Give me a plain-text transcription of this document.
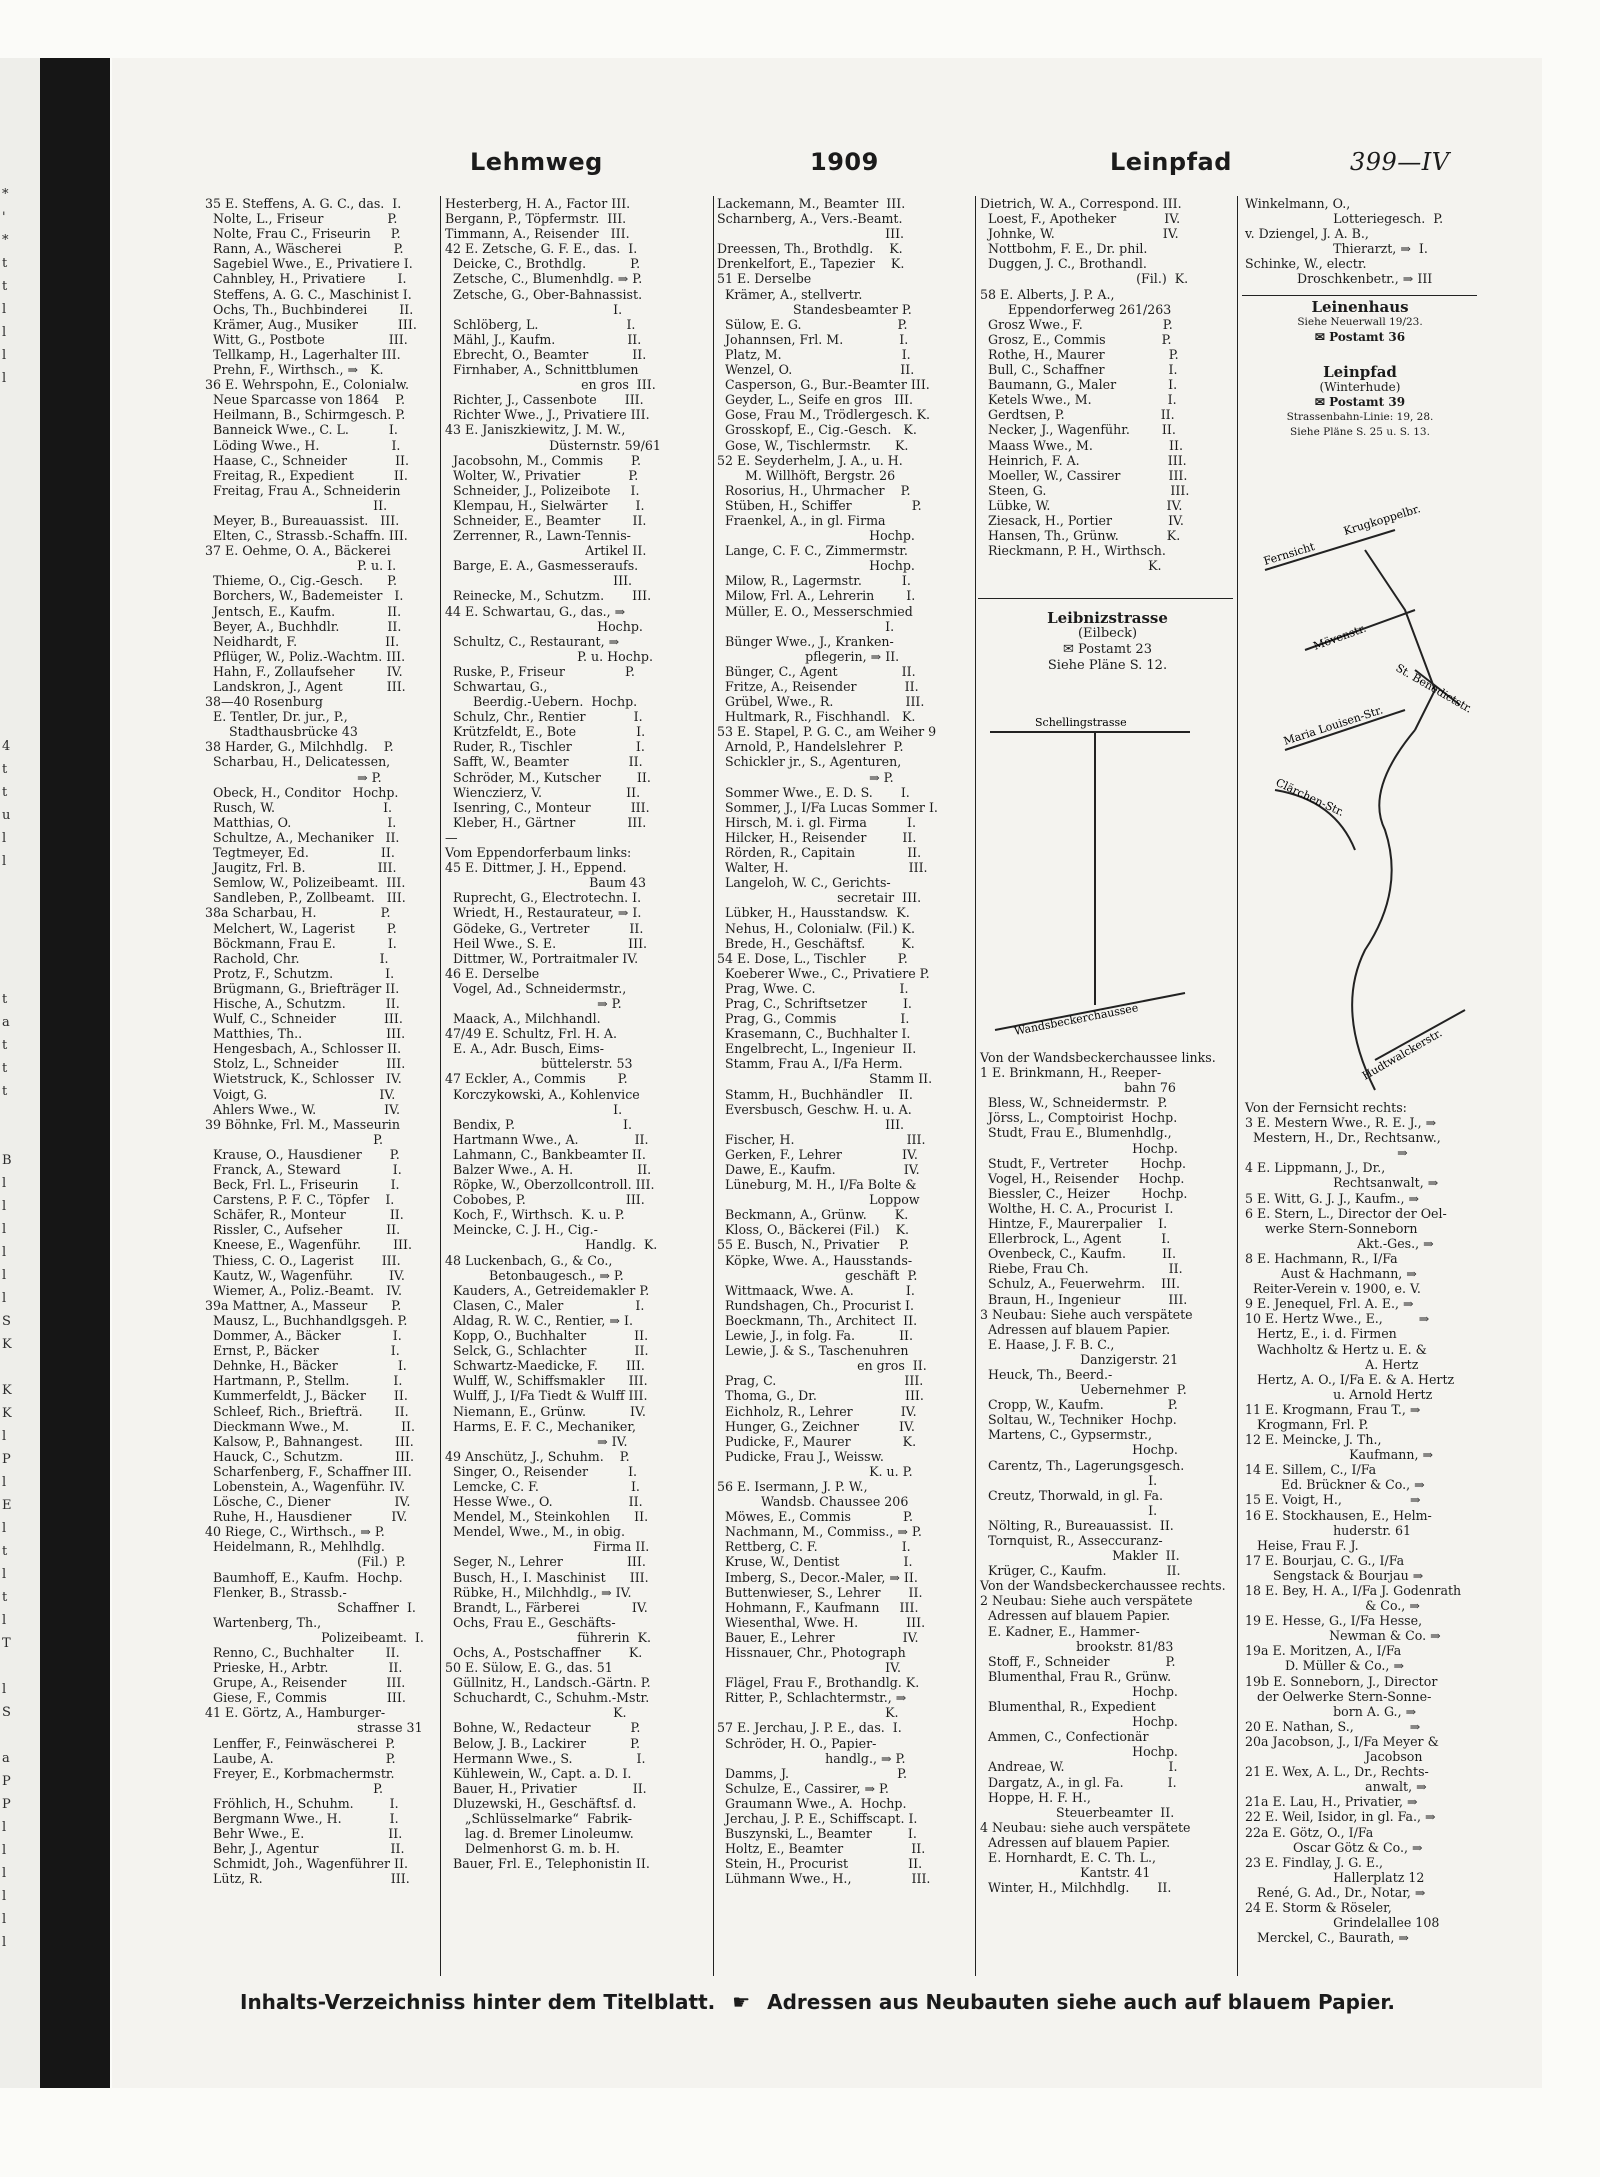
*
'
*
t
t
l
l
l
l
4
t
t
u
l
l
t
a
t
t
t
B
l
l
l
l
l
l
S
K
K
K
l
P
l
E
l
t
l
t
l
T
l
S
a
P
P
l
l
l
l
l
l
Lehmweg	1909	Leinpfad	399—IV
35 E. Steffens, A. G. C., das.  I.
Nolte, L., Friseur                P.
Nolte, Frau C., Friseurin     P.
Rann, A., Wäscherei             P.
Sagebiel Wwe., E., Privatiere I.
Cahnbley, H., Privatiere        I.
Steffens, A. G. C., Maschinist I.
Ochs, Th., Buchbinderei        II.
Krämer, Aug., Musiker          III.
Witt, G., Postbote                III.
Tellkamp, H., Lagerhalter III.
Prehn, F., Wirthsch., ⇒   K.
36 E. Wehrspohn, E., Colonialw.
Neue Sparcasse von 1864    P.
Heilmann, B., Schirmgesch. P.
Banneick Wwe., C. L.          I.
Löding Wwe., H.                  I.
Haase, C., Schneider            II.
Freitag, R., Expedient          II.
Freitag, Frau A., Schneiderin
II.
Meyer, B., Bureauassist.   III.
Elten, C., Strassb.-Schaffn. III.
37 E. Oehme, O. A., Bäckerei
P. u. I.
Thieme, O., Cig.-Gesch.      P.
Borchers, W., Bademeister   I.
Jentsch, E., Kaufm.             II.
Beyer, A., Buchhdlr.            II.
Neidhardt, F.                      II.
Pflüger, W., Poliz.-Wachtm. III.
Hahn, F., Zollaufseher        IV.
Landskron, J., Agent           III.
38—40 Rosenburg
E. Tentler, Dr. jur., P.,
Stadthausbrücke 43
38 Harder, G., Milchhdlg.    P.
Scharbau, H., Delicatessen,
⇒ P.
Obeck, H., Conditor   Hochp.
Rusch, W.                           I.
Matthias, O.                        I.
Schultze, A., Mechaniker   II.
Tegtmeyer, Ed.                  II.
Jaugitz, Frl. B.                  III.
Semlow, W., Polizeibeamt.  III.
Sandleben, P., Zollbeamt.   III.
38a Scharbau, H.                P.
Melchert, W., Lagerist        P.
Böckmann, Frau E.             I.
Rachold, Chr.                    I.
Protz, F., Schutzm.             I.
Brügmann, G., Briefträger II.
Hische, A., Schutzm.          II.
Wulf, C., Schneider            III.
Matthies, Th..                     III.
Hengesbach, A., Schlosser II.
Stolz, L., Schneider            III.
Wietstruck, K., Schlosser   IV.
Voigt, G.                            IV.
Ahlers Wwe., W.                 IV.
39 Böhnke, Frl. M., Masseurin
P.
Krause, O., Hausdiener       P.
Franck, A., Steward             I.
Beck, Frl. L., Friseurin        I.
Carstens, P. F. C., Töpfer    I.
Schäfer, R., Monteur           II.
Rissler, C., Aufseher           II.
Kneese, E., Wagenführ.        III.
Thiess, C. O., Lagerist       III.
Kautz, W., Wagenführ.         IV.
Wiemer, A., Poliz.-Beamt.   IV.
39a Mattner, A., Masseur      P.
Mausz, L., Buchhandlgsgeh. P.
Dommer, A., Bäcker             I.
Ernst, P., Bäcker                  I.
Dehnke, H., Bäcker               I.
Hartmann, P., Stellm.           I.
Kummerfeldt, J., Bäcker       II.
Schleef, Rich., Briefträ.        II.
Dieckmann Wwe., M.             II.
Kalsow, P., Bahnangest.        III.
Hauck, C., Schutzm.             III.
Scharfenberg, F., Schaffner III.
Lobenstein, A., Wagenführ. IV.
Lösche, C., Diener                IV.
Ruhe, H., Hausdiener          IV.
40 Riege, C., Wirthsch., ⇒ P.
Heidelmann, R., Mehlhdlg.
(Fil.)  P.
Baumhoff, E., Kaufm.  Hochp.
Flenker, B., Strassb.-
Schaffner  I.
Wartenberg, Th.,
Polizeibeamt.  I.
Renno, C., Buchhalter        II.
Prieske, H., Arbtr.               II.
Grupe, A., Reisender          III.
Giese, F., Commis               III.
41 E. Görtz, A., Hamburger-
strasse 31
Lenffer, F., Feinwäscherei  P.
Laube, A.                            P.
Freyer, E., Korbmachermstr.
P.
Fröhlich, H., Schuhm.         I.
Bergmann Wwe., H.            I.
Behr Wwe., E.                     II.
Behr, J., Agentur                  II.
Schmidt, Joh., Wagenführer II.
Lütz, R.                                III.
Hesterberg, H. A., Factor III.
Bergann, P., Töpfermstr.  III.
Timmann, A., Reisender   III.
42 E. Zetsche, G. F. E., das.  I.
Deicke, C., Brothdlg.           P.
Zetsche, C., Blumenhdlg. ⇒ P.
Zetsche, G., Ober-Bahnassist.
I.
Schlöberg, L.                      I.
Mähl, J., Kaufm.                  II.
Ebrecht, O., Beamter           II.
Firnhaber, A., Schnittblumen
en gros  III.
Richter, J., Cassenbote       III.
Richter Wwe., J., Privatiere III.
43 E. Janiszkiewitz, J. M. W.,
Düsternstr. 59/61
Jacobsohn, M., Commis       P.
Wolter, W., Privatier            P.
Schneider, J., Polizeibote     I.
Klempau, H., Sielwärter       I.
Schneider, E., Beamter        II.
Zerrenner, R., Lawn-Tennis-
Artikel II.
Barge, E. A., Gasmesseraufs.
III.
Reinecke, M., Schutzm.       III.
44 E. Schwartau, G., das., ⇒
Hochp.
Schultz, C., Restaurant, ⇒
P. u. Hochp.
Ruske, P., Friseur               P.
Schwartau, G.,
Beerdig.-Uebern.  Hochp.
Schulz, Chr., Rentier            I.
Krützfeldt, E., Bote               I.
Ruder, R., Tischler                I.
Safft, W., Beamter               II.
Schröder, M., Kutscher         II.
Wienczierz, V.                     II.
Isenring, C., Monteur          III.
Kleber, H., Gärtner             III.
—
Vom Eppendorferbaum links:
45 E. Dittmer, J. H., Eppend.
Baum 43
Ruprecht, G., Electrotechn. I.
Wriedt, H., Restaurateur, ⇒ I.
Gödeke, G., Vertreter          II.
Heil Wwe., S. E.                  III.
Dittmer, W., Portraitmaler IV.
46 E. Derselbe
Vogel, Ad., Schneidermstr.,
⇒ P.
Maack, A., Milchhandl.
47/49 E. Schultz, Frl. H. A.
E. A., Adr. Busch, Eims-
büttelerstr. 53
47 Eckler, A., Commis        P.
Korczykowski, A., Kohlenvice
I.
Bendix, P.                           I.
Hartmann Wwe., A.              II.
Lahmann, C., Bankbeamter II.
Balzer Wwe., A. H.                II.
Röpke, W., Oberzollcontroll. III.
Cobobes, P.                         III.
Koch, F., Wirthsch.  K. u. P.
Meincke, C. J. H., Cig.-
Handlg.  K.
48 Luckenbach, G., & Co.,
Betonbaugesch., ⇒ P.
Kauders, A., Getreidemakler P.
Clasen, C., Maler                  I.
Aldag, R. W. C., Rentier, ⇒ I.
Kopp, O., Buchhalter            II.
Selck, G., Schlachter            II.
Schwartz-Maedicke, F.       III.
Wulff, W., Schiffsmakler      III.
Wulff, J., I/Fa Tiedt & Wulff III.
Niemann, E., Grünw.           IV.
Harms, E. F. C., Mechaniker,
⇒ IV.
49 Anschütz, J., Schuhm.    P.
Singer, O., Reisender          I.
Lemcke, C. F.                       I.
Hesse Wwe., O.                   II.
Mendel, M., Steinkohlen      II.
Mendel, Wwe., M., in obig.
Firma II.
Seger, N., Lehrer                III.
Busch, H., I. Maschinist      III.
Rübke, H., Milchhdlg., ⇒ IV.
Brandt, L., Färberei             IV.
Ochs, Frau E., Geschäfts-
führerin  K.
Ochs, A., Postschaffner       K.
50 E. Sülow, E. G., das. 51
Güllnitz, H., Landsch.-Gärtn. P.
Schuchardt, C., Schuhm.-Mstr.
K.
Bohne, W., Redacteur          P.
Below, J. B., Lackirer           P.
Hermann Wwe., S.                I.
Kühlewein, W., Capt. a. D. I.
Bauer, H., Privatier              II.
Dluzewski, H., Geschäftsf. d.
„Schlüsselmarke“  Fabrik-
lag. d. Bremer Linoleumw.
Delmenhorst G. m. b. H.
Bauer, Frl. E., Telephonistin II.
Lackemann, M., Beamter  III.
Scharnberg, A., Vers.-Beamt.
III.
Dreessen, Th., Brothdlg.    K.
Drenkelfort, E., Tapezier    K.
51 E. Derselbe
Krämer, A., stellvertr.
Standesbeamter P.
Sülow, E. G.                        P.
Johannsen, Frl. M.              I.
Platz, M.                              I.
Wenzel, O.                           II.
Casperson, G., Bur.-Beamter III.
Geyder, L., Seife en gros   III.
Gose, Frau M., Trödlergesch. K.
Grosskopf, E., Cig.-Gesch.   K.
Gose, W., Tischlermstr.      K.
52 E. Seyderhelm, J. A., u. H.
M. Willhöft, Bergstr. 26
Rosorius, H., Uhrmacher    P.
Stüben, H., Schiffer               P.
Fraenkel, A., in gl. Firma
Hochp.
Lange, C. F. C., Zimmermstr.
Hochp.
Milow, R., Lagermstr.          I.
Milow, Frl. A., Lehrerin        I.
Müller, E. O., Messerschmied
I.
Bünger Wwe., J., Kranken-
pflegerin, ⇒ II.
Bünger, C., Agent                II.
Fritze, A., Reisender            II.
Grübel, Wwe., R.                  III.
Hultmark, R., Fischhandl.   K.
53 E. Stapel, P. G. C., am Weiher 9
Arnold, P., Handelslehrer  P.
Schickler jr., S., Agenturen,
⇒ P.
Sommer Wwe., E. D. S.       I.
Sommer, J., I/Fa Lucas Sommer I.
Hirsch, M. i. gl. Firma          I.
Hilcker, H., Reisender         II.
Rörden, R., Capitain             II.
Walter, H.                              III.
Langeloh, W. C., Gerichts-
secretair  III.
Lübker, H., Hausstandsw.  K.
Nehus, H., Colonialw. (Fil.) K.
Brede, H., Geschäftsf.         K.
54 E. Dose, L., Tischler        P.
Koeberer Wwe., C., Privatiere P.
Prag, Wwe. C.                     I.
Prag, C., Schriftsetzer         I.
Prag, G., Commis                I.
Krasemann, C., Buchhalter I.
Engelbrecht, L., Ingenieur  II.
Stamm, Frau A., I/Fa Herm.
Stamm II.
Stamm, H., Buchhändler    II.
Eversbusch, Geschw. H. u. A.
III.
Fischer, H.                            III.
Gerken, F., Lehrer               IV.
Dawe, E., Kaufm.                 IV.
Lüneburg, M. H., I/Fa Bolte &
Loppow
Beckmann, A., Grünw.       K.
Kloss, O., Bäckerei (Fil.)    K.
55 E. Busch, N., Privatier     P.
Köpke, Wwe. A., Hausstands-
geschäft  P.
Wittmaack, Wwe. A.             I.
Rundshagen, Ch., Procurist I.
Boeckmann, Th., Architect  II.
Lewie, J., in folg. Fa.           II.
Lewie, J. & S., Taschenuhren
en gros  II.
Prag, C.                                III.
Thoma, G., Dr.                      III.
Eichholz, R., Lehrer            IV.
Hunger, G., Zeichner          IV.
Pudicke, F., Maurer             K.
Pudicke, Frau J., Weissw.
K. u. P.
56 E. Isermann, J. P. W.,
Wandsb. Chaussee 206
Möwes, E., Commis             P.
Nachmann, M., Commiss., ⇒ P.
Rettberg, C. F.                     I.
Kruse, W., Dentist                I.
Imberg, S., Decor.-Maler, ⇒ II.
Buttenwieser, S., Lehrer       II.
Hohmann, F., Kaufmann     III.
Wiesenthal, Wwe. H.            III.
Bauer, E., Lehrer                 IV.
Hissnauer, Chr., Photograph
IV.
Flägel, Frau F., Brothandlg. K.
Ritter, P., Schlachtermstr., ⇒
K.
57 E. Jerchau, J. P. E., das.  I.
Schröder, H. O., Papier-
handlg., ⇒ P.
Damms, J.                           P.
Schulze, E., Cassirer, ⇒ P.
Graumann Wwe., A.  Hochp.
Jerchau, J. P. E., Schiffscapt. I.
Buszynski, L., Beamter         I.
Holtz, E., Beamter                 II.
Stein, H., Procurist               II.
Lühmann Wwe., H.,               III.
Dietrich, W. A., Correspond. III.
Loest, F., Apotheker            IV.
Johnke, W.                           IV.
Nottbohm, F. E., Dr. phil.
Duggen, J. C., Brothandl.
(Fil.)  K.
58 E. Alberts, J. P. A.,
Eppendorferweg 261/263
Grosz Wwe., F.                    P.
Grosz, E., Commis              P.
Rothe, H., Maurer                P.
Bull, C., Schaffner                I.
Baumann, G., Maler             I.
Ketels Wwe., M.                   I.
Gerdtsen, P.                        II.
Necker, J., Wagenführ.        II.
Maass Wwe., M.                   II.
Heinrich, F. A.                      III.
Moeller, W., Cassirer            III.
Steen, G.                               III.
Lübke, W.                             IV.
Ziesack, H., Portier              IV.
Hansen, Th., Grünw.            K.
Rieckmann, P. H., Wirthsch.
K.
Leibnizstrasse
(Eilbeck)
✉ Postamt 23
Siehe Pläne S. 12.
Schellingstrasse
Wandsbeckerchaussee
Von der Wandsbeckerchaussee links.
1 E. Brinkmann, H., Reeper-
bahn 76
Bless, W., Schneidermstr.  P.
Jörss, L., Comptoirist  Hochp.
Studt, Frau E., Blumenhdlg.,
Hochp.
Studt, F., Vertreter        Hochp.
Vogel, H., Reisender     Hochp.
Biessler, C., Heizer        Hochp.
Wolthe, H. C. A., Procurist  I.
Hintze, F., Maurerpalier    I.
Ellerbrock, L., Agent          I.
Ovenbeck, C., Kaufm.         II.
Riebe, Frau Ch.                    II.
Schulz, A., Feuerwehrm.    III.
Braun, H., Ingenieur            III.
3 Neubau: Siehe auch verspätete
Adressen auf blauem Papier.
E. Haase, J. F. B. C.,
Danzigerstr. 21
Heuck, Th., Beerd.-
Uebernehmer  P.
Cropp, W., Kaufm.                P.
Soltau, W., Techniker  Hochp.
Martens, C., Gypsermstr.,
Hochp.
Carentz, Th., Lagerungsgesch.
I.
Creutz, Thorwald, in gl. Fa.
I.
Nölting, R., Bureauassist.  II.
Tornquist, R., Asseccuranz-
Makler  II.
Krüger, C., Kaufm.               II.
Von der Wandsbeckerchaussee rechts.
2 Neubau: Siehe auch verspätete
Adressen auf blauem Papier.
E. Kadner, E., Hammer-
brookstr. 81/83
Stoff, F., Schneider              P.
Blumenthal, Frau R., Grünw.
Hochp.
Blumenthal, R., Expedient
Hochp.
Ammen, C., Confectionär
Hochp.
Andreae, W.                          I.
Dargatz, A., in gl. Fa.           I.
Hoppe, H. F. H.,
Steuerbeamter  II.
4 Neubau: siehe auch verspätete
Adressen auf blauem Papier.
E. Hornhardt, E. C. Th. L.,
Kantstr. 41
Winter, H., Milchhdlg.       II.
Winkelmann, O.,
Lotteriegesch.  P.
v. Dziengel, J. A. B.,
Thierarzt, ⇒  I.
Schinke, W., electr.
Droschkenbetr., ⇒ III
Leinenhaus
Siehe Neuerwall 19/23.
✉ Postamt 36
Leinpfad
(Winterhude)
✉ Postamt 39
Strassenbahn-Linie: 19, 28.
Siehe Pläne S. 25 u. S. 13.
Fernsicht
Krugkoppelbr.
Mövenstr.
St. Benedictstr.
Maria Louisen-Str.
Clärchen-Str.
Hudtwalckerstr.
Von der Fernsicht rechts:
3 E. Mestern Wwe., R. E. J., ⇒
Mestern, H., Dr., Rechtsanw.,
⇒
4 E. Lippmann, J., Dr.,
Rechtsanwalt, ⇒
5 E. Witt, G. J. J., Kaufm., ⇒
6 E. Stern, L., Director der Oel-
werke Stern-Sonneborn
Akt.-Ges., ⇒
8 E. Hachmann, R., I/Fa
Aust & Hachmann, ⇒
Reiter-Verein v. 1900, e. V.
9 E. Jenequel, Frl. A. E., ⇒
10 E. Hertz Wwe., E.,         ⇒
Hertz, E., i. d. Firmen
Wachholtz & Hertz u. E. &
A. Hertz
Hertz, A. O., I/Fa E. & A. Hertz
u. Arnold Hertz
11 E. Krogmann, Frau T., ⇒
Krogmann, Frl. P.
12 E. Meincke, J. Th.,
Kaufmann, ⇒
14 E. Sillem, C., I/Fa
Ed. Brückner & Co., ⇒
15 E. Voigt, H.,                 ⇒
16 E. Stockhausen, E., Helm-
huderstr. 61
Heise, Frau F. J.
17 E. Bourjau, C. G., I/Fa
Sengstack & Bourjau ⇒
18 E. Bey, H. A., I/Fa J. Godenrath
& Co., ⇒
19 E. Hesse, G., I/Fa Hesse,
Newman & Co. ⇒
19a E. Moritzen, A., I/Fa
D. Müller & Co., ⇒
19b E. Sonneborn, J., Director
der Oelwerke Stern-Sonne-
born A. G., ⇒
20 E. Nathan, S.,              ⇒
20a Jacobson, J., I/Fa Meyer &
Jacobson
21 E. Wex, A. L., Dr., Rechts-
anwalt, ⇒
21a E. Lau, H., Privatier, ⇒
22 E. Weil, Isidor, in gl. Fa., ⇒
22a E. Götz, O., I/Fa
Oscar Götz & Co., ⇒
23 E. Findlay, J. G. E.,
Hallerplatz 12
René, G. Ad., Dr., Notar, ⇒
24 E. Storm & Röseler,
Grindelallee 108
Merckel, C., Baurath, ⇒
Inhalts-Verzeichniss hinter dem Titelblatt. ☛ Adressen aus Neubauten siehe auch auf blauem Papier.
